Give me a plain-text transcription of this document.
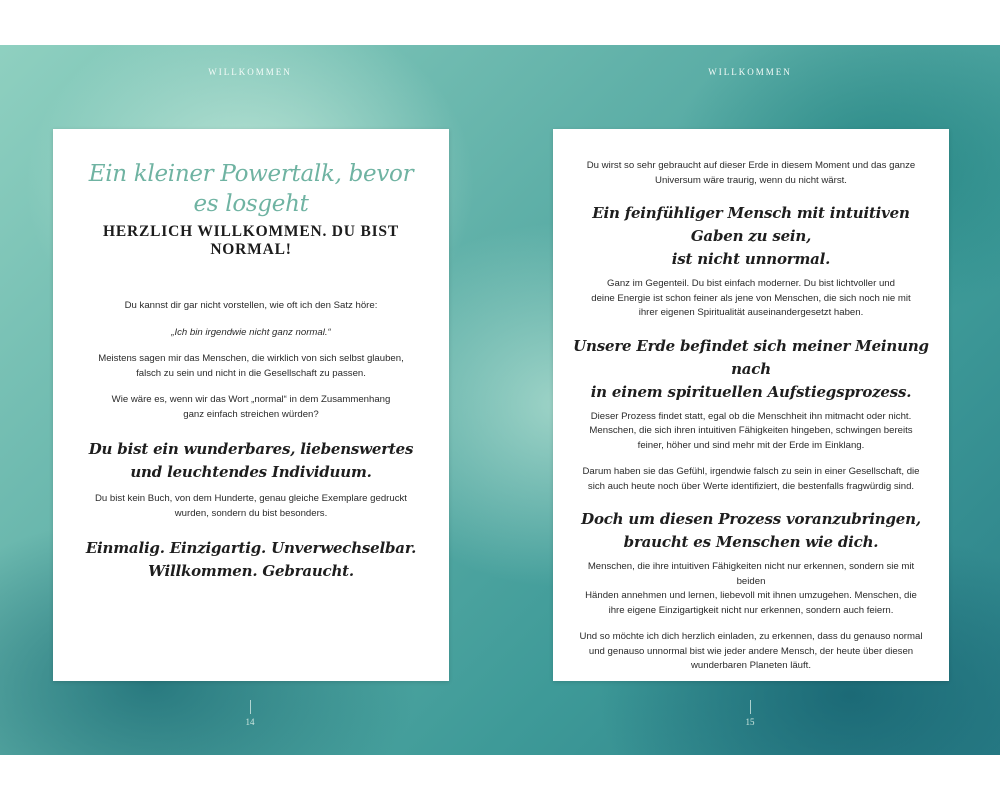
WILLKOMMEN

Ein kleiner Powertalk, bevor es losgeht

HERZLICH WILLKOMMEN. DU BIST NORMAL!

Du kannst dir gar nicht vorstellen, wie oft ich den Satz höre:

„Ich bin irgendwie nicht ganz normal.“

Meistens sagen mir das Menschen, die wirklich von sich selbst glauben,

falsch zu sein und nicht in die Gesellschaft zu passen.

Wie wäre es, wenn wir das Wort „normal“ in dem Zusammenhang

ganz einfach streichen würden?

Du bist ein wunderbares, liebenswertes

und leuchtendes Individuum.

Du bist kein Buch, von dem Hunderte, genau gleiche Exemplare gedruckt

wurden, sondern du bist besonders.

Einmalig. Einzigartig. Unverwechselbar.

Willkommen. Gebraucht.

14
WILLKOMMEN

Du wirst so sehr gebraucht auf dieser Erde in diesem Moment und das ganze

Universum wäre traurig, wenn du nicht wärst.

Ein feinfühliger Mensch mit intuitiven Gaben zu sein,

ist nicht unnormal.

Ganz im Gegenteil. Du bist einfach moderner. Du bist lichtvoller und

deine Energie ist schon feiner als jene von Menschen, die sich noch nie mit

ihrer eigenen Spiritualität auseinandergesetzt haben.

Unsere Erde befindet sich meiner Meinung nach

in einem spirituellen Aufstiegsprozess.

Dieser Prozess findet statt, egal ob die Menschheit ihn mitmacht oder nicht.

Menschen, die sich ihren intuitiven Fähigkeiten hingeben, schwingen bereits

feiner, höher und sind mehr mit der Erde im Einklang.

Darum haben sie das Gefühl, irgendwie falsch zu sein in einer Gesellschaft, die

sich auch heute noch über Werte identifiziert, die bestenfalls fragwürdig sind.

Doch um diesen Prozess voranzubringen,

braucht es Menschen wie dich.

Menschen, die ihre intuitiven Fähigkeiten nicht nur erkennen, sondern sie mit beiden

Händen annehmen und lernen, liebevoll mit ihnen umzugehen. Menschen, die

ihre eigene Einzigartigkeit nicht nur erkennen, sondern auch feiern.

Und so möchte ich dich herzlich einladen, zu erkennen, dass du genauso normal

und genauso unnormal bist wie jeder andere Mensch, der heute über diesen

wunderbaren Planeten läuft.

15
